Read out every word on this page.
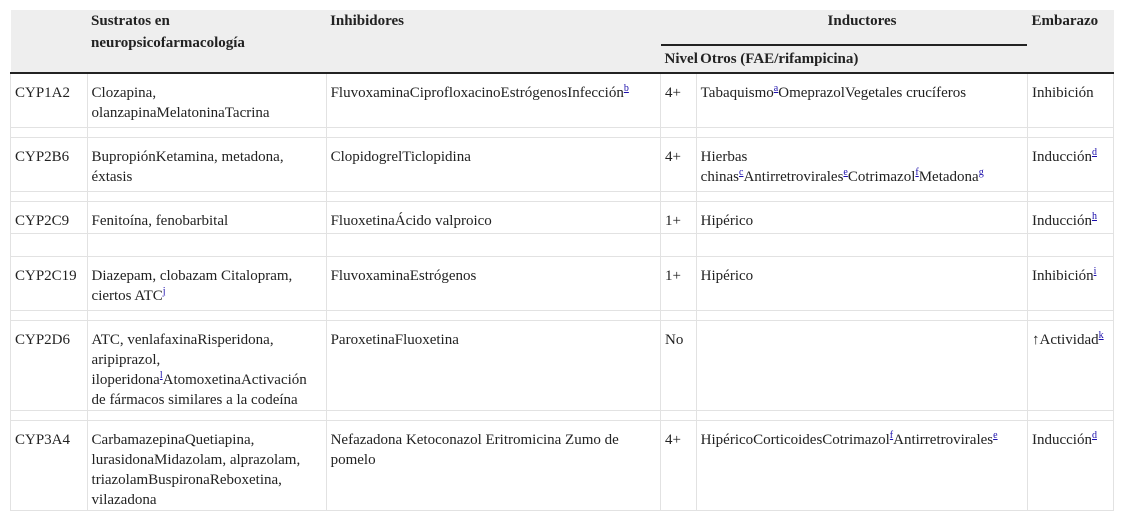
	Sustratos en neuropsicofarmacología	Inhibidores	Inductores		Embarazo
			Nivel	Otros (FAE/rifampicina)	
CYP1A2	Clozapina, olanzapinaMelatoninaTacrina	FluvoxaminaCiprofloxacinoEstrógenosInfección$^b$	4+	Tabaquismo$^a$OmeprazolVegetales crucíferos	Inhibición

CYP2B6	BupropiónKetamina, metadona, éxtasis	ClopidogrelTiclopidina	4+	Hierbas chinas$^c$Antirretrovirales$^e$Cotrimazol$^f$Metadona$^g$	Inducción$^d$

CYP2C9	Fenitoína, fenobarbital	FluoxetinaÁcido valproico	1+	Hipérico	Inducción$^h$

CYP2C19	Diazepam, clobazam Citalopram, ciertos ATC$^j$	FluvoxaminaEstrógenos	1+	Hipérico	Inhibición$^i$

CYP2D6	ATC, venlafaxinaRisperidona, aripiprazol, iloperidona$^l$AtomoxetinaActivación de fármacos similares a la codeína	ParoxetinaFluoxetina	No		↑Actividad$^k$

CYP3A4	CarbamazepinaQuetiapina, lurasidonaMidazolam, alprazolam, triazolamBuspironaReboxetina, vilazadona	Nefazadona Ketoconazol Eritromicina Zumo de pomelo	4+	HipéricoCorticoidesCotrimazol$^f$Antirretrovirales$^e$	Inducción$^d$
